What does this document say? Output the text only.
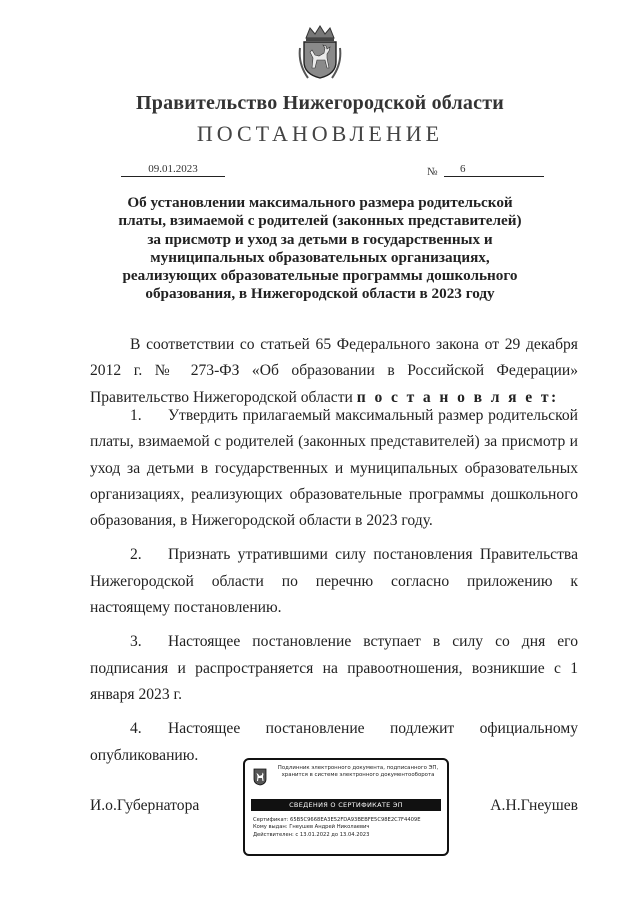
Правительство Нижегородской области
ПОСТАНОВЛЕНИЕ
09.01.2023	№	6
Об установлении максимального размера родительской платы, взимаемой с родителей (законных представителей) за присмотр и уход за детьми в государственных и муниципальных образовательных организациях, реализующих образовательные программы дошкольного образования, в Нижегородской области в 2023 году

В соответствии со статьей 65 Федерального закона от 29 декабря 2012 г. № 273-ФЗ «Об образовании в Российской Федерации» Правительство Нижегородской области п о с т а н о в л я е т:

1. Утвердить прилагаемый максимальный размер родительской платы, взимаемой с родителей (законных представителей) за присмотр и уход за детьми в государственных и муниципальных образовательных организациях, реализующих образовательные программы дошкольного образования, в Нижегородской области в 2023 году.

2. Признать утратившими силу постановления Правительства Нижегородской области по перечню согласно приложению к настоящему постановлению.

3. Настоящее постановление вступает в силу со дня его подписания и распространяется на правоотношения, возникшие с 1 января 2023 г.

4. Настоящее постановление подлежит официальному опубликованию.

И.о.Губернатора	А.Н.Гнеушев
Подлинник электронного документа, подписанного ЭП, хранится в системе электронного документооборота
СВЕДЕНИЯ О СЕРТИФИКАТЕ ЭП
Сертификат: 65B5C9668EA3E52FDA93BEBFE5C98E2C7F4409E
Кому выдан: Гнеушев Андрей Николаевич
Действителен: с 13.01.2022 до 13.04.2023
